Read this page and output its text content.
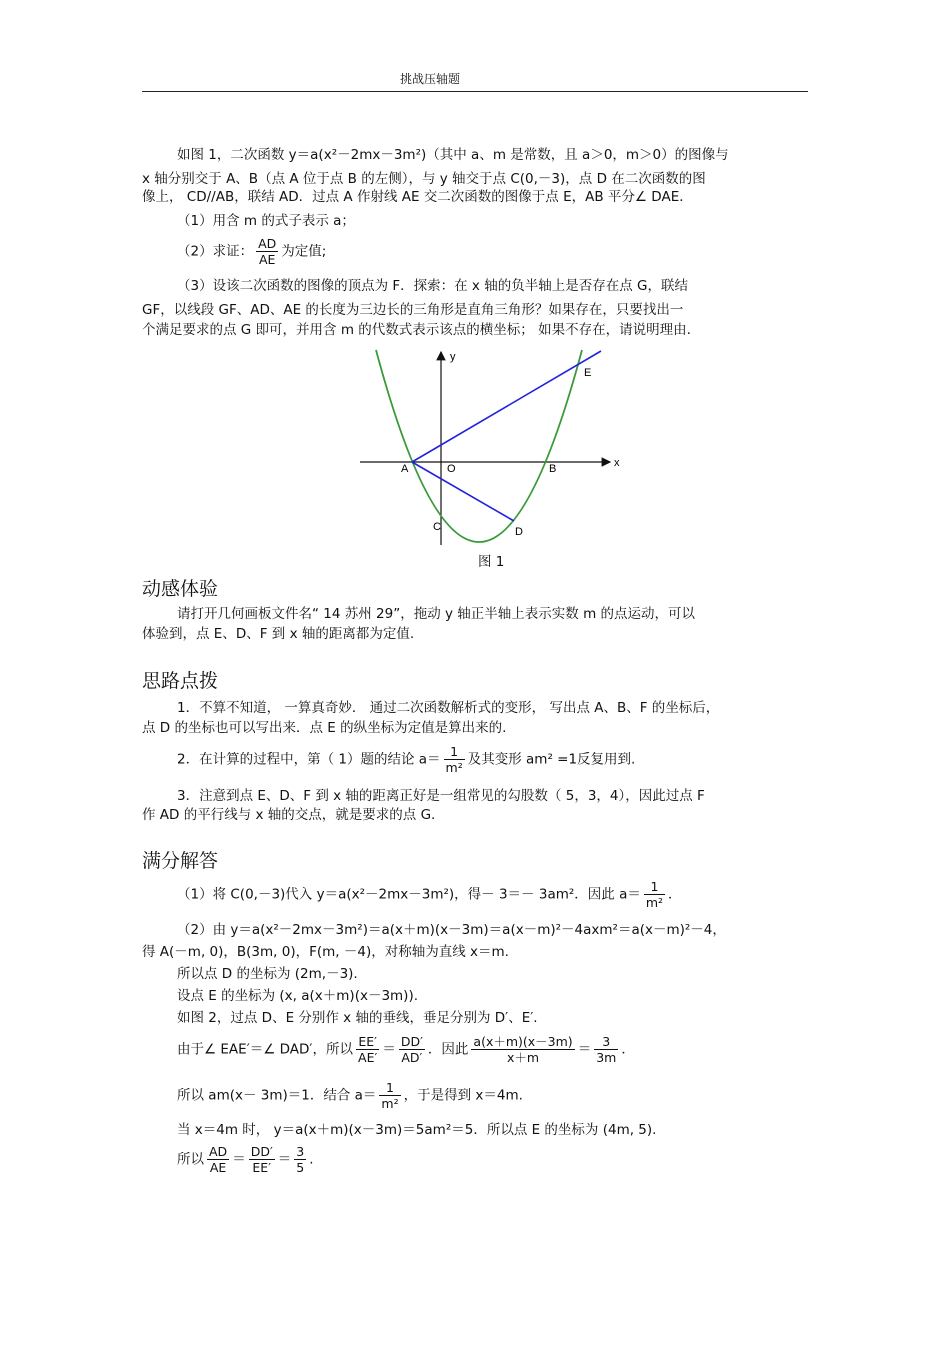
挑战压轴题
如图 1，二次函数 y＝a(x²－2mx－3m²)（其中 a、m 是常数，且 a＞0，m＞0）的图像与
x 轴分别交于 A、B（点 A 位于点 B 的左侧），与 y 轴交于点 C(0,－3)，点 D 在二次函数的图
像上， CD//AB，联结 AD．过点 A 作射线 AE 交二次函数的图像于点 E，AB 平分∠ DAE．
（1）用含 m 的式子表示 a；
（2）求证： $\frac{AD}{AE}$ 为定值;
（3）设该二次函数的图像的顶点为 F．探索：在 x 轴的负半轴上是否存在点 G，联结
GF，以线段 GF、AD、AE 的长度为三边长的三角形是直角三角形？如果存在，只要找出一
个满足要求的点 G 即可，并用含 m 的代数式表示该点的横坐标； 如果不存在，请说明理由.
y
x
O
A	B
C	D
E
图 1
动感体验
请打开几何画板文件名“ 14 苏州 29”，拖动 y 轴正半轴上表示实数 m 的点运动，可以
体验到，点 E、D、F 到 x 轴的距离都为定值.
思路点拨
1．不算不知道， 一算真奇妙． 通过二次函数解析式的变形， 写出点 A、B、F 的坐标后，
点 D 的坐标也可以写出来．点 E 的纵坐标为定值是算出来的.
2．在计算的过程中，第（ 1）题的结论 $a= \frac{1}{\text{m²}}$ 及其变形 am² =1反复用到.
3．注意到点 E、D、F 到 x 轴的距离正好是一组常见的勾股数（ 5，3，4），因此过点 F
作 AD 的平行线与 x 轴的交点，就是要求的点 G.
满分解答
（1）将 C(0,－3)代入 y＝a(x²－2mx－3m²)，得－ 3＝－ 3am²．因此 $a= \frac{1}{\text{m²}}$ ．
（2）由 y＝a(x²－2mx－3m²)＝a(x＋m)(x－3m)＝a(x－m)²－4axm²＝a(x－m)²－4，
得 A(－m, 0)，B(3m, 0)，F(m, －4)，对称轴为直线 x＝m.
所以点 D 的坐标为 (2m,－3).
设点 E 的坐标为 (x, a(x＋m)(x－3m)).
如图 2，过点 D、E 分别作 x 轴的垂线，垂足分别为 D′、E′.
由于∠ EAE′＝∠ DAD′，所以 $\frac{EE'}{AE'} = \frac{DD'}{AD'}$ ．因此 $\frac{a(x+m)(x-3m)}{x+m} = \frac{3}{3m}$ ．
所以 am(x－ 3m)＝1．结合 $a= \frac{1}{\text{m²}}$ ，于是得到 x＝4m.
当 x＝4m 时， y＝a(x＋m)(x－3m)＝5am²＝5．所以点 E 的坐标为 (4m, 5).
所以 $\frac{AD}{AE} = \frac{DD'}{EE'} = \frac{3}{5}$ .
